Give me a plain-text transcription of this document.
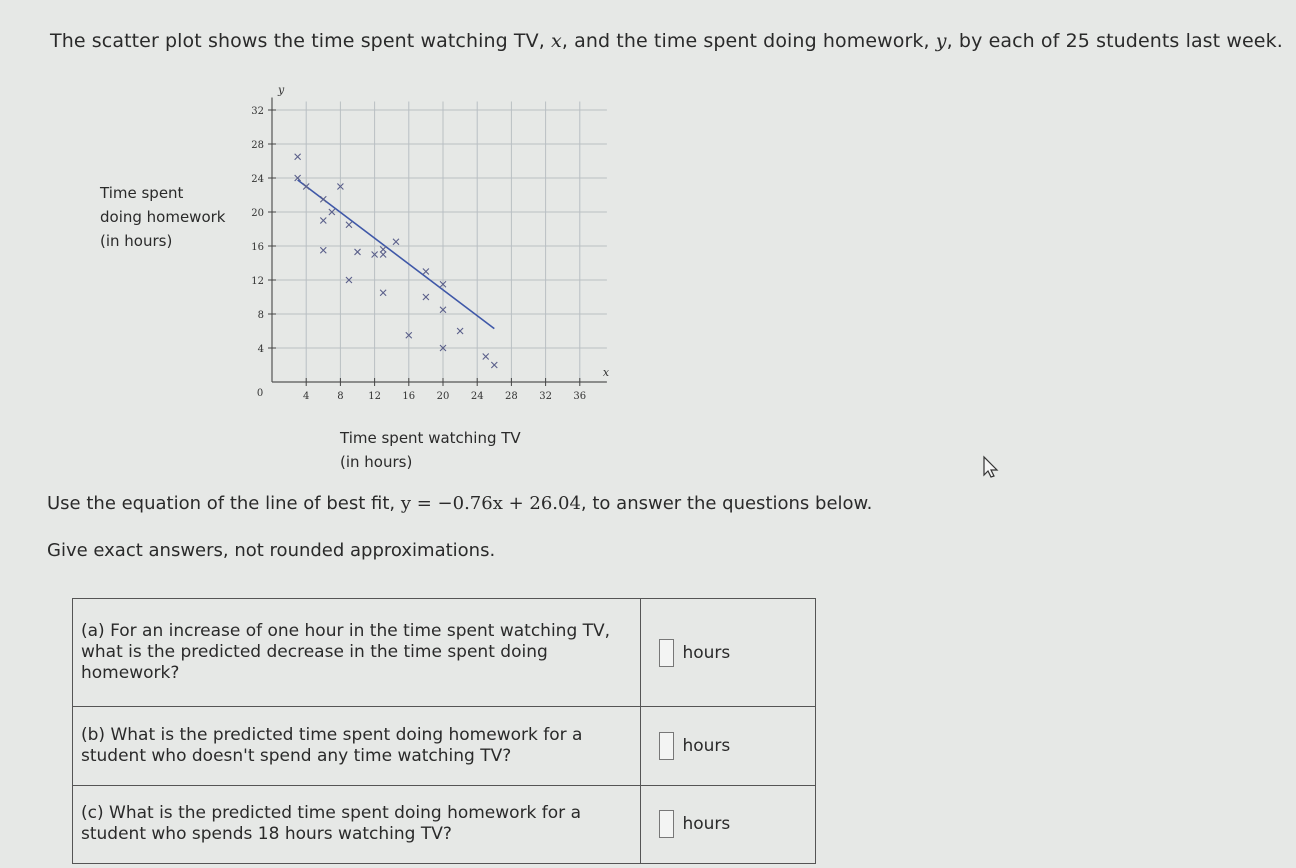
The scatter plot shows the time spent watching TV, x, and the time spent doing homework, y, by each of 25 students last week.
Time spent
doing homework
(in hours)
4	8 12 16 20 24 28 32 36
4
8
12
16
20
24
28
32
0
x
y
Time spent watching TV
(in hours)
Use the equation of the line of best fit, y = −0.76x + 26.04, to answer the questions below.
Give exact answers, not rounded approximations.
(a) For an increase of one hour in the time spent watching TV, what is the predicted decrease in the time spent doing homework?	hours

(b) What is the predicted time spent doing homework for a student who doesn't spend any time watching TV?	hours

(c) What is the predicted time spent doing homework for a student who spends 18 hours watching TV?	hours
